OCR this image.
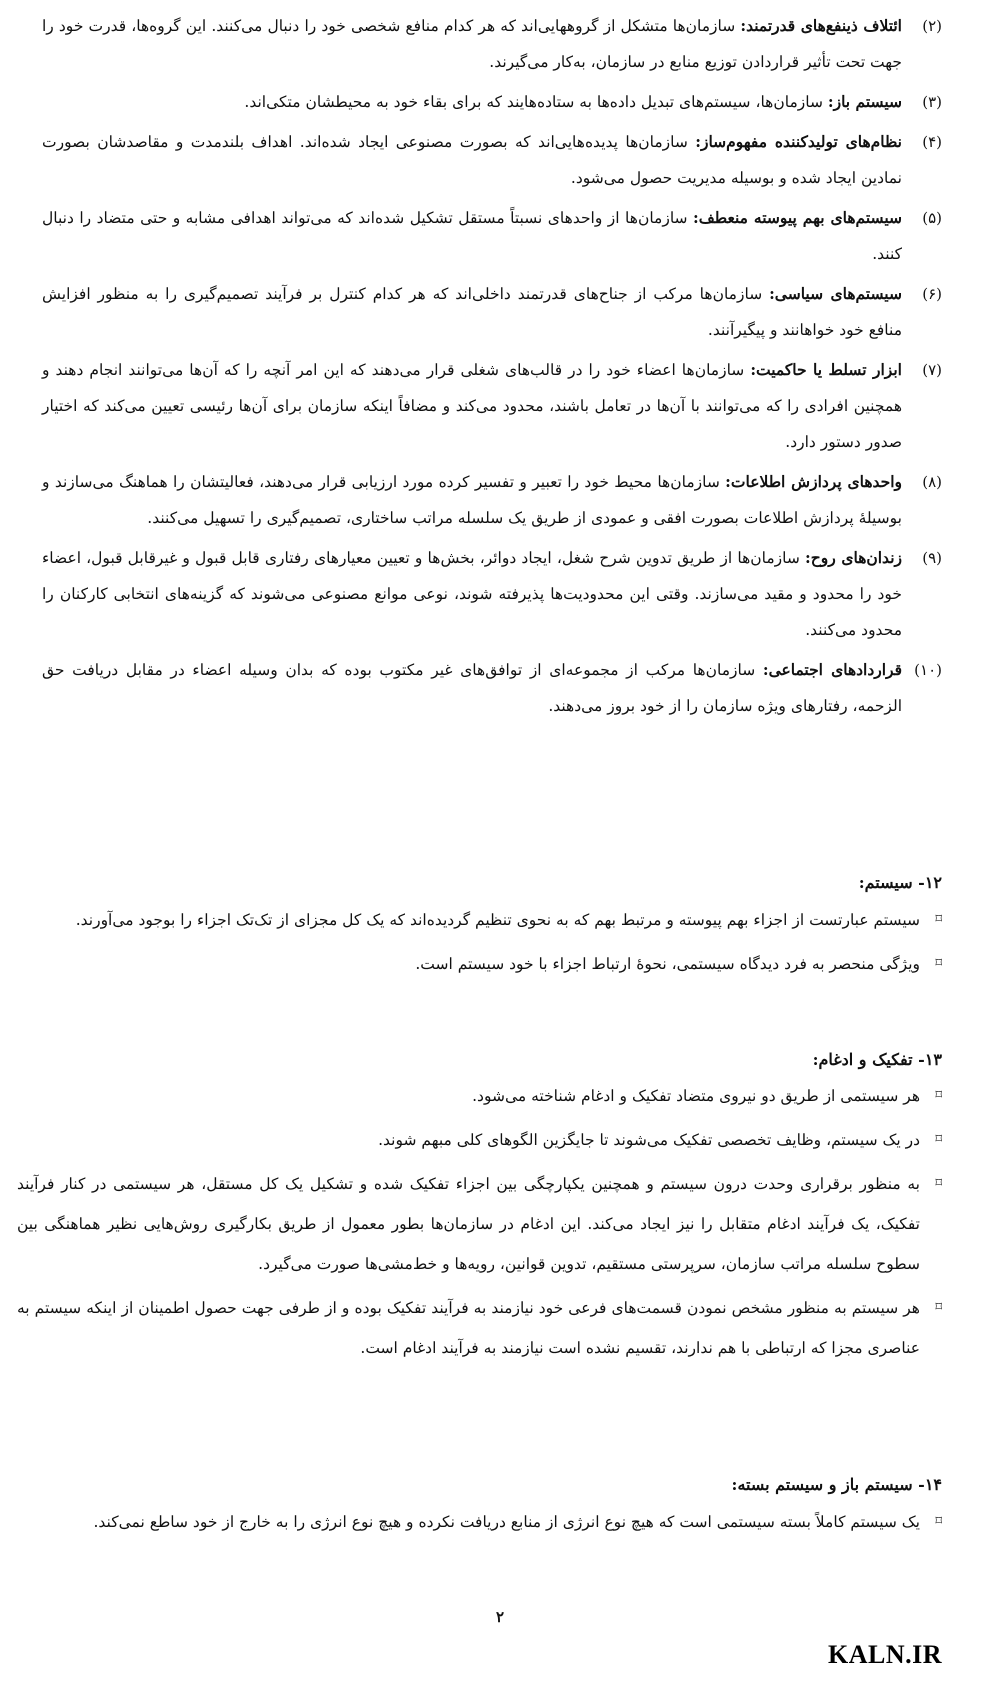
(۲)
ائتلاف ذینفع‌های قدرتمند: سازمان‌ها متشکل از گروههایی‌اند که هر کدام منافع شخصی خود را دنبال می‌کنند. این گروه‌ها، قدرت خود را جهت تحت تأثیر قراردادن توزیع منابع در سازمان، به‌کار می‌گیرند.
(۳)
سیستم باز: سازمان‌ها، سیستم‌های تبدیل داده‌ها به ستاده‌هایند که برای بقاء خود به محیطشان متکی‌اند.
(۴)
نظام‌های تولیدکننده مفهوم‌ساز: سازمان‌ها پدیده‌هایی‌اند که بصورت مصنوعی ایجاد شده‌اند. اهداف بلندمدت و مقاصدشان بصورت نمادین ایجاد شده و بوسیله مدیریت حصول می‌شود.
(۵)
سیستم‌های بهم پیوسته منعطف: سازمان‌ها از واحدهای نسبتاً مستقل تشکیل شده‌اند که می‌تواند اهدافی مشابه و حتی متضاد را دنبال کنند.
(۶)
سیستم‌های سیاسی: سازمان‌ها مرکب از جناح‌های قدرتمند داخلی‌اند که هر کدام کنترل بر فرآیند تصمیم‌گیری را به منظور افزایش منافع خود خواهانند و پیگیرآنند.
(۷)
ابزار تسلط یا حاکمیت: سازمان‌ها اعضاء خود را در قالب‌های شغلی قرار می‌دهند که این امر آنچه را که آن‌ها می‌توانند انجام دهند و همچنین افرادی را که می‌توانند با آن‌ها در تعامل باشند، محدود می‌کند و مضافاً اینکه سازمان برای آن‌ها رئیسی تعیین می‌کند که اختیار صدور دستور دارد.
(۸)
واحدهای پردازش اطلاعات: سازمان‌ها محیط خود را تعبیر و تفسیر کرده مورد ارزیابی قرار می‌دهند، فعالیتشان را هماهنگ می‌سازند و بوسیلهٔ پردازش اطلاعات بصورت افقی و عمودی از طریق یک سلسله مراتب ساختاری، تصمیم‌گیری را تسهیل می‌کنند.
(۹)
زندان‌های روح: سازمان‌ها از طریق تدوین شرح شغل، ایجاد دوائر، بخش‌ها و تعیین معیارهای رفتاری قابل قبول و غیرقابل قبول، اعضاء خود را محدود و مقید می‌سازند. وقتی این محدودیت‌ها پذیرفته شوند، نوعی موانع مصنوعی می‌شوند که گزینه‌های انتخابی کارکنان را محدود می‌کنند.
(۱۰)
قراردادهای اجتماعی: سازمان‌ها مرکب از مجموعه‌ای از توافق‌های غیر مکتوب بوده که بدان وسیله اعضاء در مقابل دریافت حق الزحمه، رفتارهای ویژه سازمان را از خود بروز می‌دهند.
۱۲- سیستم:
⌑
سیستم عبارتست از اجزاء بهم پیوسته و مرتبط بهم که به نحوی تنظیم گردیده‌اند که یک کل مجزای از تک‌تک اجزاء را بوجود می‌آورند.
⌑
ویژگی منحصر به فرد دیدگاه سیستمی، نحوهٔ ارتباط اجزاء با خود سیستم است.
۱۳- تفکیک و ادغام:
⌑
هر سیستمی از طریق دو نیروی متضاد تفکیک و ادغام شناخته می‌شود.
⌑
در یک سیستم، وظایف تخصصی تفکیک می‌شوند تا جایگزین الگوهای کلی مبهم شوند.
⌑
به منظور برقراری وحدت درون سیستم و همچنین یکپارچگی بین اجزاء تفکیک شده و تشکیل یک کل مستقل، هر سیستمی در کنار فرآیند تفکیک، یک فرآیند ادغام متقابل را نیز ایجاد می‌کند. این ادغام در سازمان‌ها بطور معمول از طریق بکارگیری روش‌هایی نظیر هماهنگی بین سطوح سلسله مراتب سازمان، سرپرستی مستقیم، تدوین قوانین، رویه‌ها و خط‌مشی‌ها صورت می‌گیرد.
⌑
هر سیستم به منظور مشخص نمودن قسمت‌های فرعی خود نیازمند به فرآیند تفکیک بوده و از طرفی جهت حصول اطمینان از اینکه سیستم به عناصری مجزا که ارتباطی با هم ندارند، تقسیم نشده است نیازمند به فرآیند ادغام است.
۱۴- سیستم باز و سیستم بسته:
⌑
یک سیستم کاملاً بسته سیستمی است که هیچ نوع انرژی از منابع دریافت نکرده و هیچ نوع انرژی را به خارج از خود ساطع نمی‌کند.
۲
KALN.IR
